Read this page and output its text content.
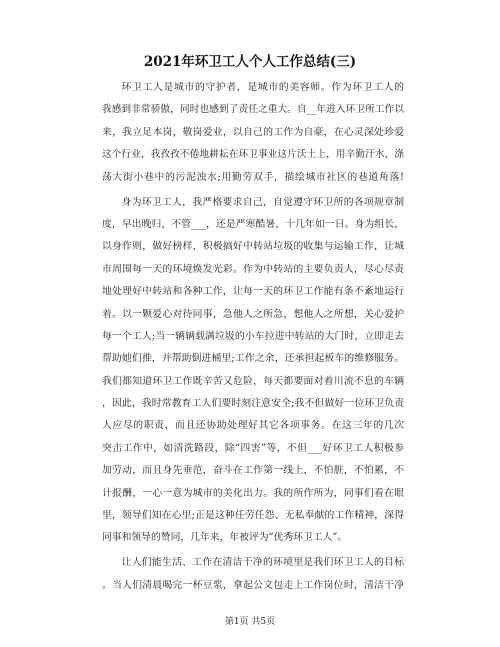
2021年环卫工人个人工作总结(三)
环卫工人是城市的守护者，是城市的美容师。作为环卫工人的
我感到非常骄傲，同时也感到了责任之重大。自__年进入环卫所工作以
来，我立足本岗，敬岗爱业，以自己的工作为自豪，在心灵深处珍爱
这个行业，我孜孜不倦地耕耘在环卫事业这片沃土上，用辛勤汗水，涤
荡大街小巷中的污泥浊水;用勤劳双手，描绘城市社区的巷道角落!
身为环卫工人，我严格要求自己，自觉遵守环卫所的各项规章制
度，早出晚归，不管___，还是严寒酷暑，十几年如一日。身为组长，
以身作则，做好榜样，积极搞好中转站垃圾的收集与运输工作，让城
市周围每一天的环境焕发光彩。作为中转站的主要负责人，尽心尽责
地处理好中转站和各种工作，让每一天的环卫工作能有条不紊地运行
着。以一颗爱心对待同事，急他人之所急，想他人之所想，关心爱护
每一个工人;当一辆辆载满垃圾的小车拉进中转站的大门时，立即走去
帮助她们推，并帮助倒进桶里;工作之余，还承担起板车的维修服务。
我们都知道环卫工作既辛苦又危险，每天都要面对着川流不息的车辆
，因此，我时常教育工人们要时刻注意安全;我不但做好一位环卫负责
人应尽的职责，而且还协助处理好其它各项事务。在这三年的几次
突击工作中，如清洗路段，除“四害”等，不但___好环卫工人积极参
加劳动，而且身先垂范，奋斗在工作第一线上，不怕脏，不怕累，不
计报酬，一心一意为城市的美化出力。我的所作所为，同事们看在眼
里，领导们知在心里;正是这种任劳任怨、无私奉献的工作精神，深得
同事和领导的赞同，几年来，年被评为“优秀环卫工人”。
让人们能生活、工作在清洁干净的环境里是我们环卫工人的目标
。当人们清晨喝完一杯豆浆，拿起公文包走上工作岗位时，清洁干净
第1页 共5页
